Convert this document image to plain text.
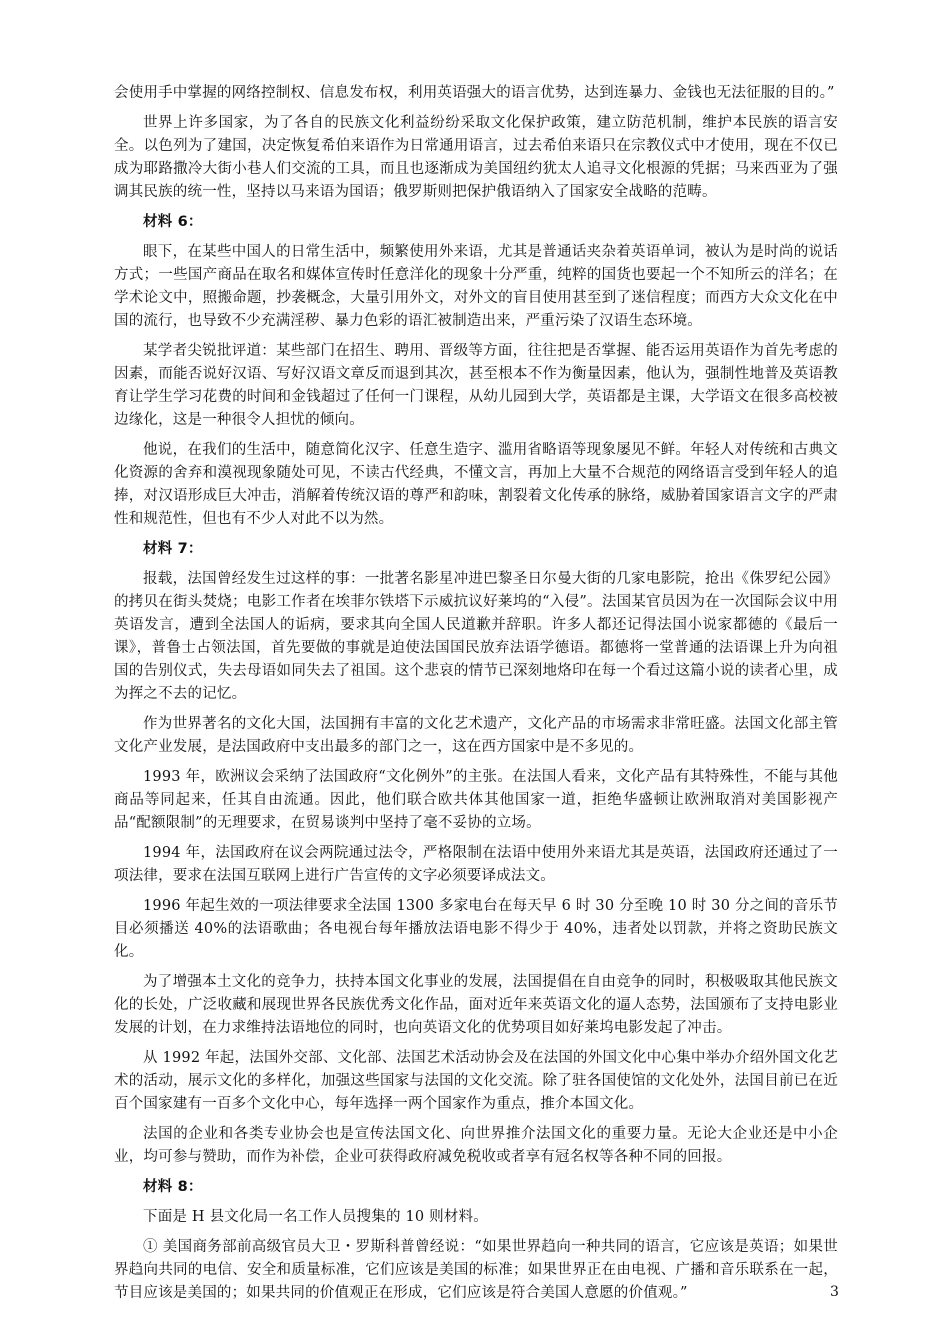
会使用手中掌握的网络控制权、信息发布权，利用英语强大的语言优势，达到连暴力、金钱也无法征服的目的。”

世界上许多国家，为了各自的民族文化利益纷纷采取文化保护政策，建立防范机制，维护本民族的语言安全。以色列为了建国，决定恢复希伯来语作为日常通用语言，过去希伯来语只在宗教仪式中才使用，现在不仅已成为耶路撒冷大街小巷人们交流的工具，而且也逐渐成为美国纽约犹太人追寻文化根源的凭据；马来西亚为了强调其民族的统一性，坚持以马来语为国语；俄罗斯则把保护俄语纳入了国家安全战略的范畴。

材料 6：

眼下，在某些中国人的日常生活中，频繁使用外来语，尤其是普通话夹杂着英语单词，被认为是时尚的说话方式；一些国产商品在取名和媒体宣传时任意洋化的现象十分严重，纯粹的国货也要起一个不知所云的洋名；在学术论文中，照搬命题，抄袭概念，大量引用外文，对外文的盲目使用甚至到了迷信程度；而西方大众文化在中国的流行，也导致不少充满淫秽、暴力色彩的语汇被制造出来，严重污染了汉语生态环境。

某学者尖锐批评道：某些部门在招生、聘用、晋级等方面，往往把是否掌握、能否运用英语作为首先考虑的因素，而能否说好汉语、写好汉语文章反而退到其次，甚至根本不作为衡量因素，他认为，强制性地普及英语教育让学生学习花费的时间和金钱超过了任何一门课程，从幼儿园到大学，英语都是主课，大学语文在很多高校被边缘化，这是一种很令人担忧的倾向。

他说，在我们的生活中，随意简化汉字、任意生造字、滥用省略语等现象屡见不鲜。年轻人对传统和古典文化资源的舍弃和漠视现象随处可见，不读古代经典，不懂文言，再加上大量不合规范的网络语言受到年轻人的追捧，对汉语形成巨大冲击，消解着传统汉语的尊严和韵味，割裂着文化传承的脉络，威胁着国家语言文字的严肃性和规范性，但也有不少人对此不以为然。

材料 7：

报载，法国曾经发生过这样的事：一批著名影星冲进巴黎圣日尔曼大街的几家电影院，抢出《侏罗纪公园》的拷贝在街头焚烧；电影工作者在埃菲尔铁塔下示威抗议好莱坞的“入侵”。法国某官员因为在一次国际会议中用英语发言，遭到全法国人的诟病，要求其向全国人民道歉并辞职。许多人都还记得法国小说家都德的《最后一课》，普鲁士占领法国，首先要做的事就是迫使法国国民放弃法语学德语。都德将一堂普通的法语课上升为向祖国的告别仪式，失去母语如同失去了祖国。这个悲哀的情节已深刻地烙印在每一个看过这篇小说的读者心里，成为挥之不去的记忆。

作为世界著名的文化大国，法国拥有丰富的文化艺术遗产，文化产品的市场需求非常旺盛。法国文化部主管文化产业发展，是法国政府中支出最多的部门之一，这在西方国家中是不多见的。

1993 年，欧洲议会采纳了法国政府“文化例外”的主张。在法国人看来，文化产品有其特殊性，不能与其他商品等同起来，任其自由流通。因此，他们联合欧共体其他国家一道，拒绝华盛顿让欧洲取消对美国影视产品“配额限制”的无理要求，在贸易谈判中坚持了毫不妥协的立场。

1994 年，法国政府在议会两院通过法令，严格限制在法语中使用外来语尤其是英语，法国政府还通过了一项法律，要求在法国互联网上进行广告宣传的文字必须要译成法文。

1996 年起生效的一项法律要求全法国 1300 多家电台在每天早 6 时 30 分至晚 10 时 30 分之间的音乐节目必须播送 40%的法语歌曲；各电视台每年播放法语电影不得少于 40%，违者处以罚款，并将之资助民族文化。

为了增强本土文化的竞争力，扶持本国文化事业的发展，法国提倡在自由竞争的同时，积极吸取其他民族文化的长处，广泛收藏和展现世界各民族优秀文化作品，面对近年来英语文化的逼人态势，法国颁布了支持电影业发展的计划，在力求维持法语地位的同时，也向英语文化的优势项目如好莱坞电影发起了冲击。

从 1992 年起，法国外交部、文化部、法国艺术活动协会及在法国的外国文化中心集中举办介绍外国文化艺术的活动，展示文化的多样化，加强这些国家与法国的文化交流。除了驻各国使馆的文化处外，法国目前已在近百个国家建有一百多个文化中心，每年选择一两个国家作为重点，推介本国文化。

法国的企业和各类专业协会也是宣传法国文化、向世界推介法国文化的重要力量。无论大企业还是中小企业，均可参与赞助，而作为补偿，企业可获得政府减免税收或者享有冠名权等各种不同的回报。

材料 8：

下面是 H 县文化局一名工作人员搜集的 10 则材料。

① 美国商务部前高级官员大卫・罗斯科普曾经说：“如果世界趋向一种共同的语言，它应该是英语；如果世界趋向共同的电信、安全和质量标准，它们应该是美国的标准；如果世界正在由电视、广播和音乐联系在一起，节目应该是美国的；如果共同的价值观正在形成，它们应该是符合美国人意愿的价值观。”	3
